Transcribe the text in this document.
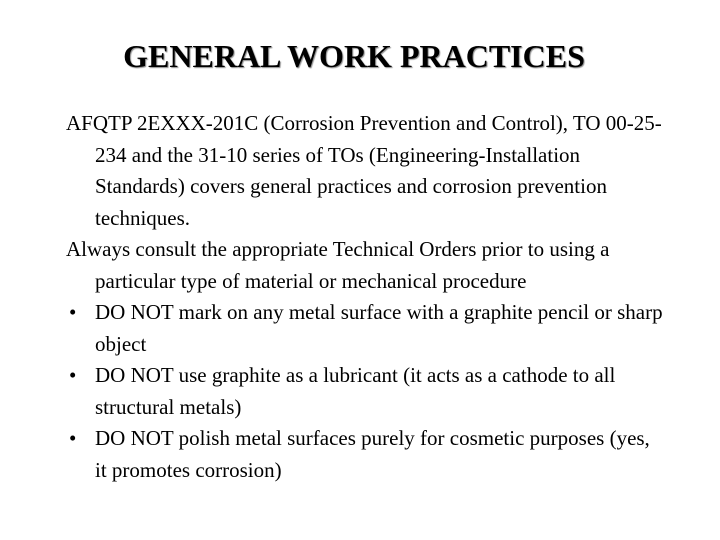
GENERAL WORK PRACTICES

AFQTP 2EXXX-201C (Corrosion Prevention and Control), TO 00-25-234 and the 31-10 series of TOs (Engineering-Installation Standards) covers general practices and corrosion prevention techniques.

Always consult the appropriate Technical Orders prior to using a particular type of material or mechanical procedure

• DO NOT mark on any metal surface with a graphite pencil or sharp object
• DO NOT use graphite as a lubricant (it acts as a cathode to all structural metals)
• DO NOT polish metal surfaces purely for cosmetic purposes (yes, it promotes corrosion)
